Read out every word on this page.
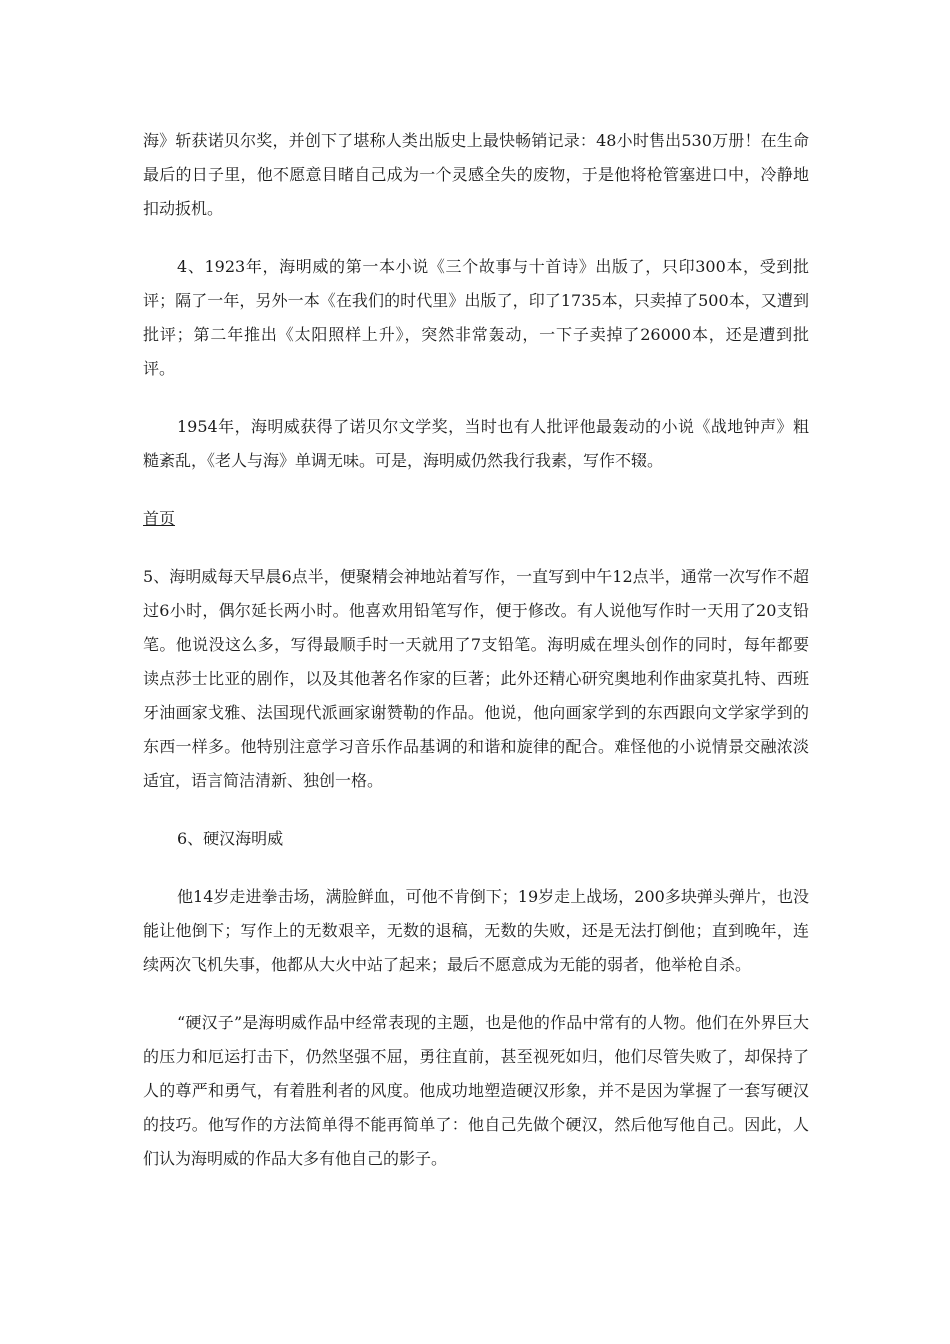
海》斩获诺贝尔奖，并创下了堪称人类出版史上最快畅销记录：48小时售出530万册！在生命最后的日子里，他不愿意目睹自己成为一个灵感全失的废物，于是他将枪管塞进口中，冷静地扣动扳机。

4、1923年，海明威的第一本小说《三个故事与十首诗》出版了，只印300本，受到批评；隔了一年，另外一本《在我们的时代里》出版了，印了1735本，只卖掉了500本，又遭到批评；第二年推出《太阳照样上升》，突然非常轰动，一下子卖掉了26000本，还是遭到批评。

1954年，海明威获得了诺贝尔文学奖，当时也有人批评他最轰动的小说《战地钟声》粗糙紊乱，《老人与海》单调无味。可是，海明威仍然我行我素，写作不辍。

首页

5、海明威每天早晨6点半，便聚精会神地站着写作，一直写到中午12点半，通常一次写作不超过6小时，偶尔延长两小时。他喜欢用铅笔写作，便于修改。有人说他写作时一天用了20支铅笔。他说没这么多，写得最顺手时一天就用了7支铅笔。海明威在埋头创作的同时，每年都要读点莎士比亚的剧作，以及其他著名作家的巨著；此外还精心研究奥地利作曲家莫扎特、西班牙油画家戈雅、法国现代派画家谢赞勒的作品。他说，他向画家学到的东西跟向文学家学到的东西一样多。他特别注意学习音乐作品基调的和谐和旋律的配合。难怪他的小说情景交融浓淡适宜，语言简洁清新、独创一格。

6、硬汉海明威

他14岁走进拳击场，满脸鲜血，可他不肯倒下；19岁走上战场，200多块弹头弹片，也没能让他倒下；写作上的无数艰辛，无数的退稿，无数的失败，还是无法打倒他；直到晚年，连续两次飞机失事，他都从大火中站了起来；最后不愿意成为无能的弱者，他举枪自杀。

“硬汉子”是海明威作品中经常表现的主题，也是他的作品中常有的人物。他们在外界巨大的压力和厄运打击下，仍然坚强不屈，勇往直前，甚至视死如归，他们尽管失败了，却保持了人的尊严和勇气，有着胜利者的风度。他成功地塑造硬汉形象，并不是因为掌握了一套写硬汉的技巧。他写作的方法简单得不能再简单了：他自己先做个硬汉，然后他写他自己。因此，人们认为海明威的作品大多有他自己的影子。
